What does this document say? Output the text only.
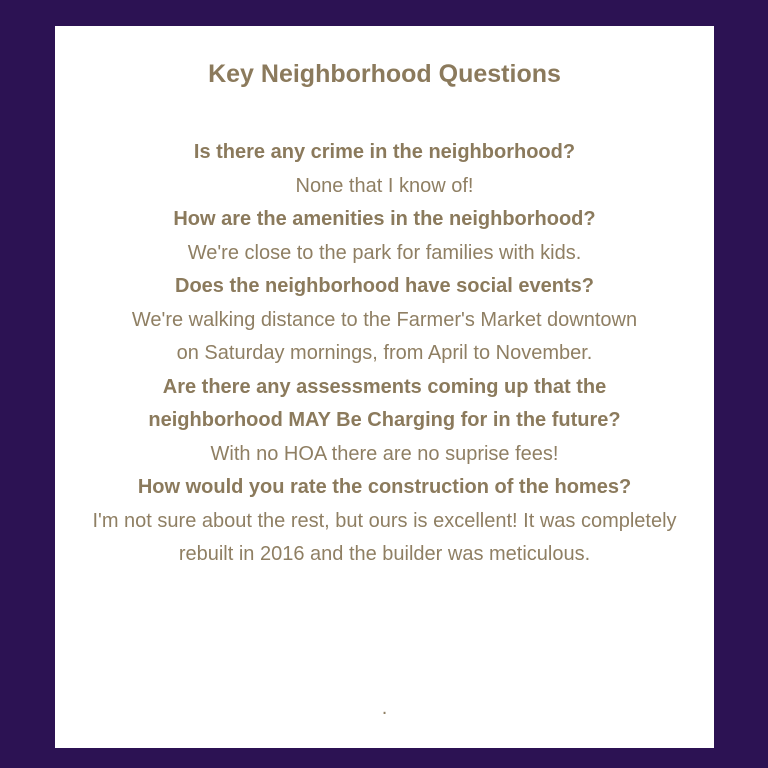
Key Neighborhood Questions
Is there any crime in the neighborhood?
None that I know of!
How are the amenities in the neighborhood?
We're close to the park for families with kids.
Does the neighborhood have social events?
We're walking distance to the Farmer's Market downtown on Saturday mornings, from April to November.
Are there any assessments coming up that the neighborhood MAY Be Charging for in the future?
With no HOA there are no suprise fees!
How would you rate the construction of the homes?
I'm not sure about the rest, but ours is excellent! It was completely rebuilt in 2016 and the builder was meticulous.
.
